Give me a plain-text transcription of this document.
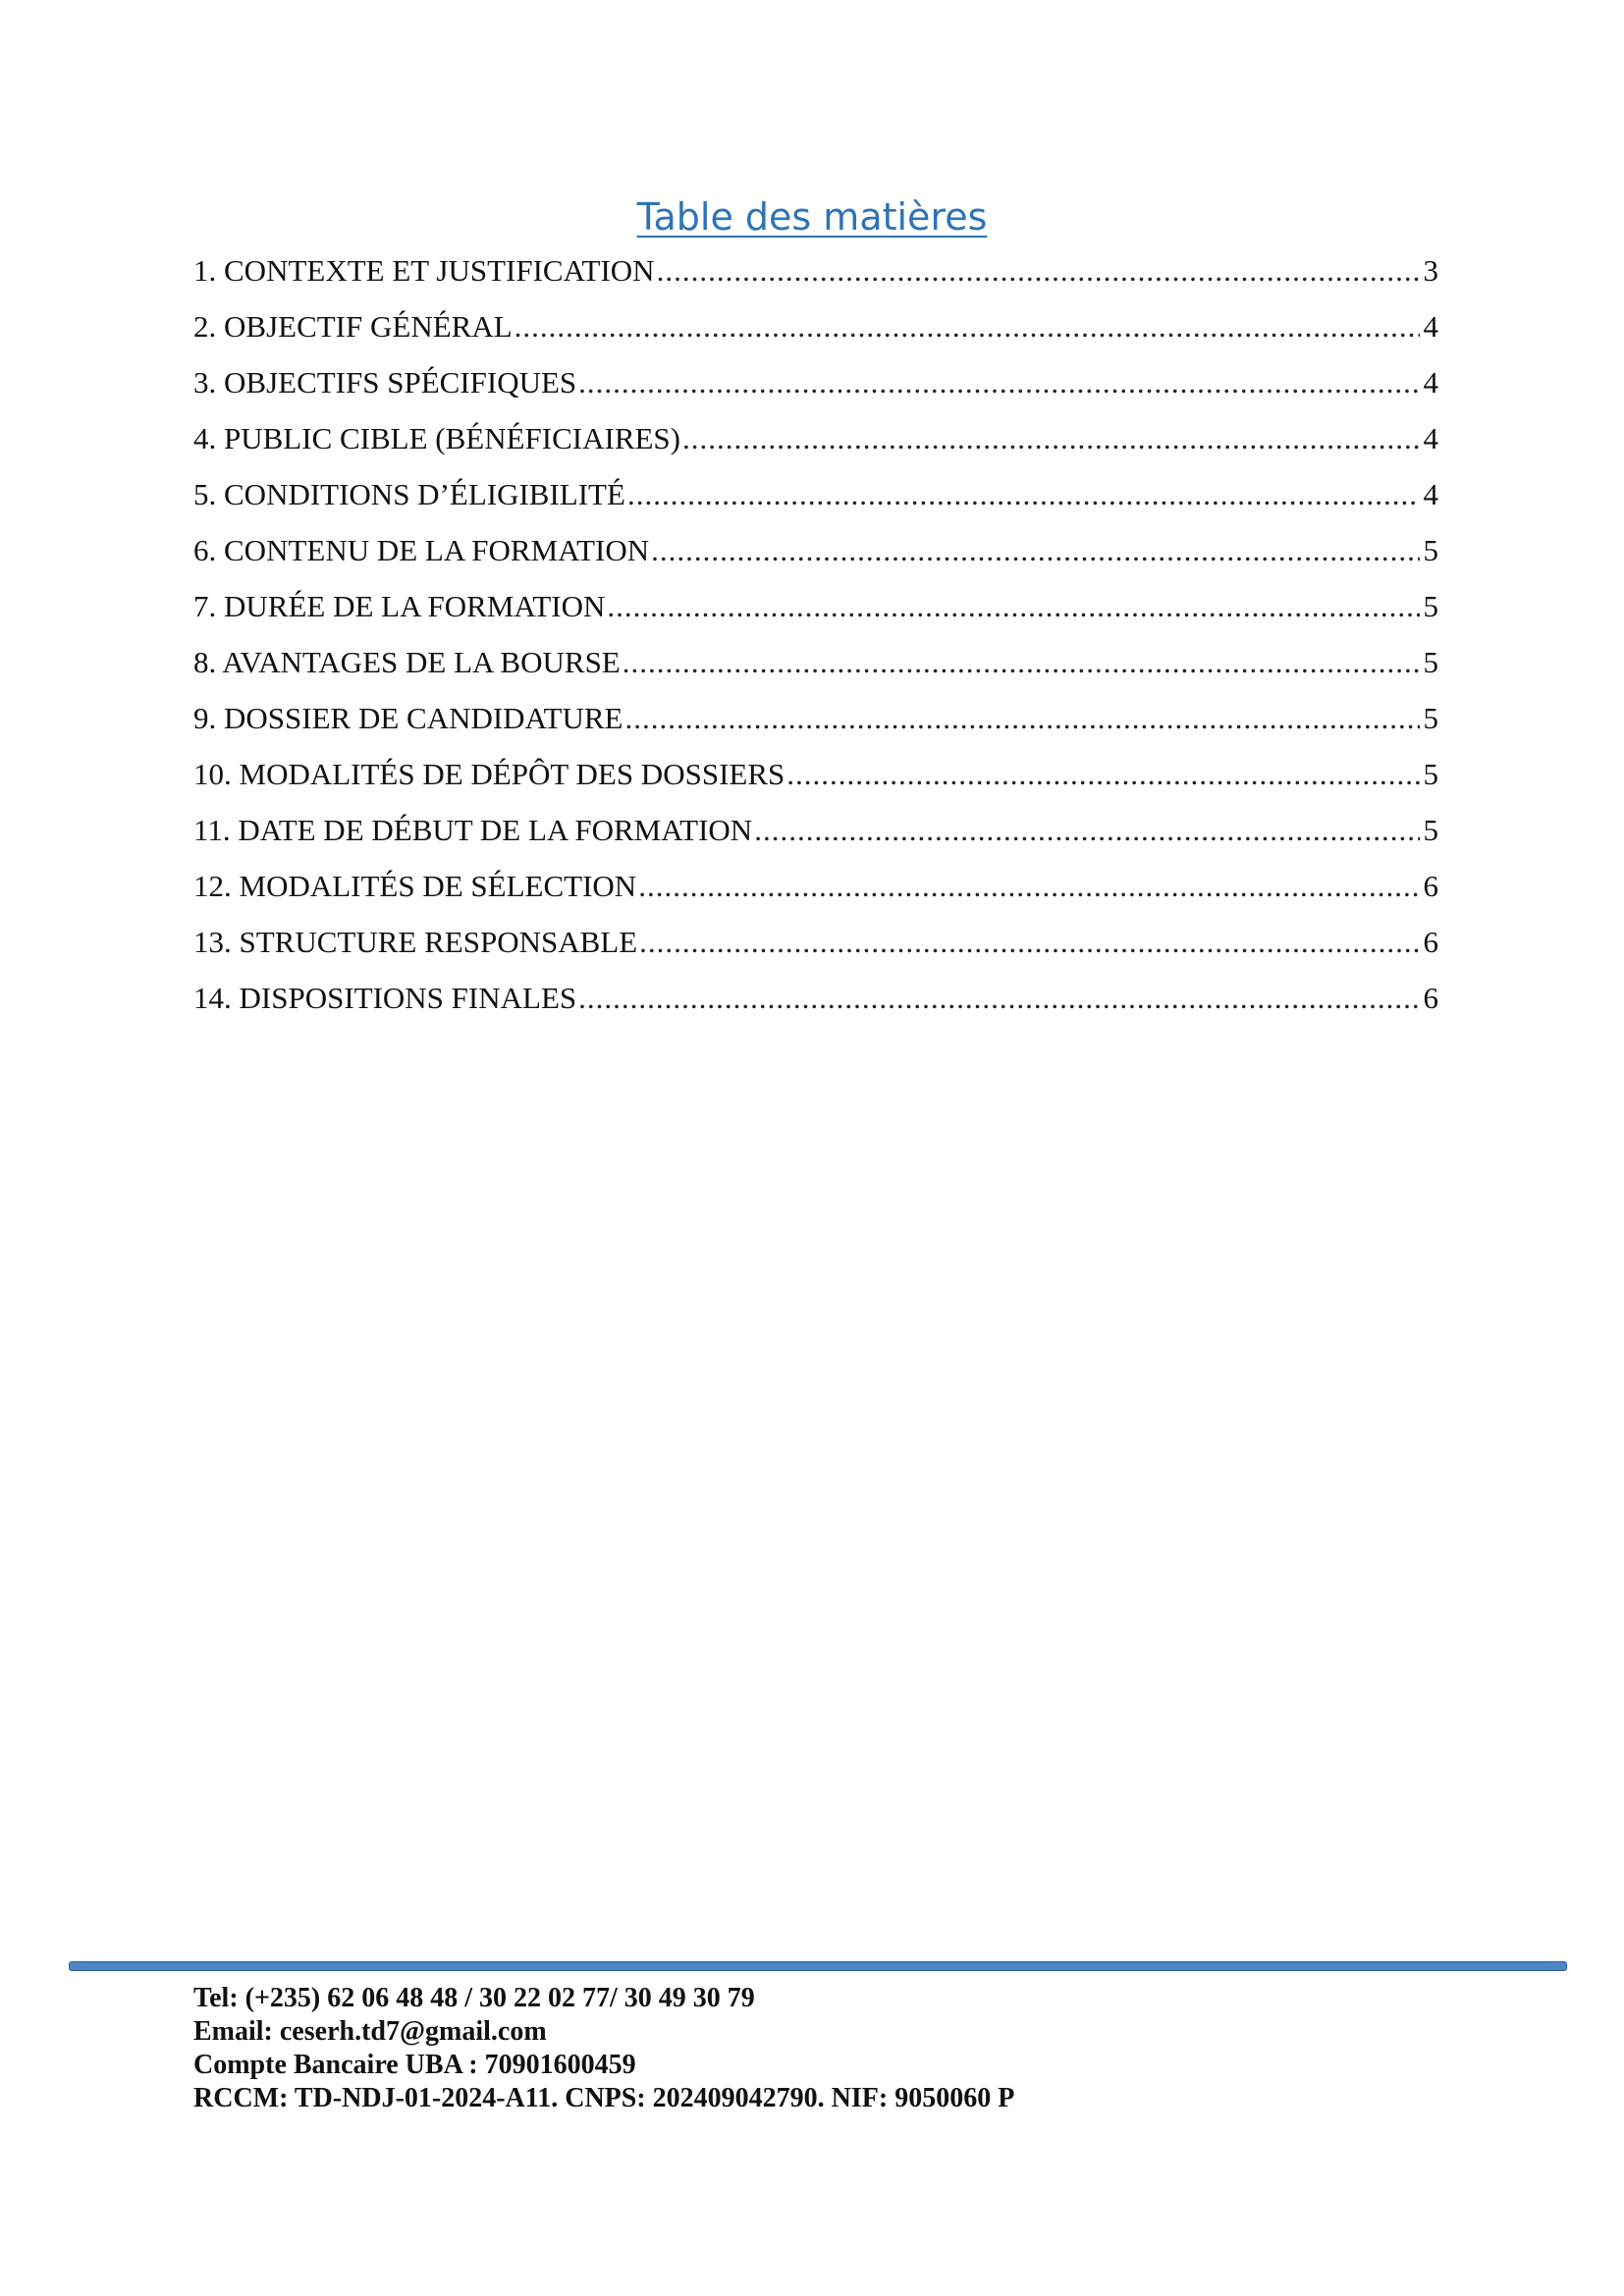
Table des matières
1. CONTEXTE ET JUSTIFICATION .....	3
2. OBJECTIF GÉNÉRAL .....	4
3. OBJECTIFS SPÉCIFIQUES .....	4
4. PUBLIC CIBLE (BÉNÉFICIAIRES) .....	4
5. CONDITIONS D’ÉLIGIBILITÉ .....	4
6. CONTENU DE LA FORMATION .....	5
7. DURÉE DE LA FORMATION .....	5
8. AVANTAGES DE LA BOURSE .....	5
9. DOSSIER DE CANDIDATURE .....	5
10. MODALITÉS DE DÉPÔT DES DOSSIERS .....	5
11. DATE DE DÉBUT DE LA FORMATION .....	5
12. MODALITÉS DE SÉLECTION .....	6
13. STRUCTURE RESPONSABLE .....	6
14. DISPOSITIONS FINALES .....	6
Tel: (+235) 62 06 48 48 / 30 22 02 77/ 30 49 30 79
Email: ceserh.td7@gmail.com
Compte Bancaire UBA : 70901600459
RCCM: TD-NDJ-01-2024-A11. CNPS: 202409042790. NIF: 9050060 P
